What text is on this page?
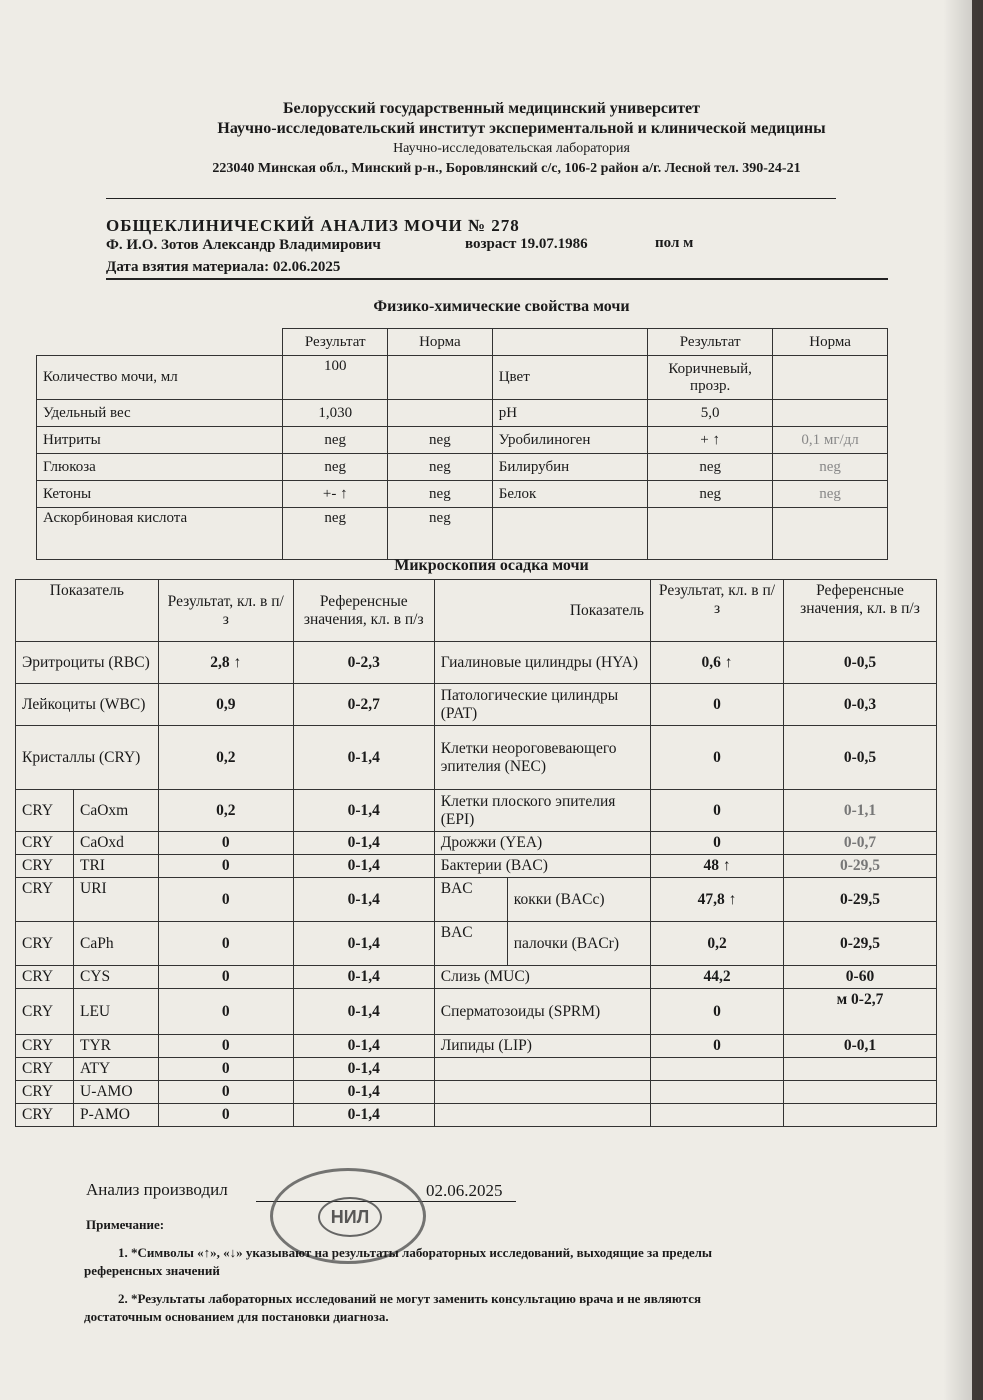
Белорусский государственный медицинский университет
Научно-исследовательский институт экспериментальной и клинической медицины
Научно-исследовательская лаборатория
223040 Минская обл., Минский р-н., Боровлянский с/с, 106-2 район а/г. Лесной тел. 390-24-21
ОБЩЕКЛИНИЧЕСКИЙ АНАЛИЗ МОЧИ № 278
Ф. И.О. Зотов Александр Владимирович	возраст 19.07.1986	пол м
Дата взятия материала: 02.06.2025
Физико-химические свойства мочи
	Результат	Норма		Результат	Норма
Количество мочи, мл	100		Цвет	Коричневый, прозр.	
Удельный вес	1,030		pH	5,0	
Нитриты	neg	neg	Уробилиноген	+ ↑	0,1 мг/дл
Глюкоза	neg	neg	Билирубин	neg	neg
Кетоны	+- ↑	neg	Белок	neg	neg
Аскорбиновая кислота	neg	neg			
Микроскопия осадка мочи
Показатель		Результат, кл. в п/з	Референсные значения, кл. в п/з	Показатель		Результат, кл. в п/з	Референсные значения, кл. в п/з
Эритроциты (RBC)		2,8 ↑	0-2,3	Гиалиновые цилиндры (HYA)		0,6 ↑	0-0,5
Лейкоциты (WBC)		0,9	0-2,7	Патологические цилиндры (PAT)		0	0-0,3
Кристаллы (CRY)		0,2	0-1,4	Клетки неороговевающего эпителия (NEC)		0	0-0,5
CRY	CaOxm	0,2	0-1,4	Клетки плоского эпителия (EPI)		0	0-1,1
CRY	CaOxd	0	0-1,4	Дрожжи (YEA)		0	0-0,7
CRY	TRI	0	0-1,4	Бактерии (BAC)		48 ↑	0-29,5
CRY	URI	0	0-1,4	BAC	кокки (BACc)	47,8 ↑	0-29,5
CRY	CaPh	0	0-1,4	BAC	палочки (BACr)	0,2	0-29,5
CRY	CYS	0	0-1,4	Слизь (MUC)		44,2	0-60
CRY	LEU	0	0-1,4	Сперматозоиды (SPRM)		0	м 0-2,7
CRY	TYR	0	0-1,4	Липиды (LIP)		0	0-0,1
CRY	ATY	0	0-1,4				
CRY	U-AMO	0	0-1,4				
CRY	P-AMO	0	0-1,4				
Анализ производил	02.06.2025
НИЛ
Примечание:
1. *Символы «↑», «↓» указывают на результаты лабораторных исследований, выходящие за пределы
референсных значений
2. *Результаты лабораторных исследований не могут заменить консультацию врача и не являются
достаточным основанием для постановки диагноза.
